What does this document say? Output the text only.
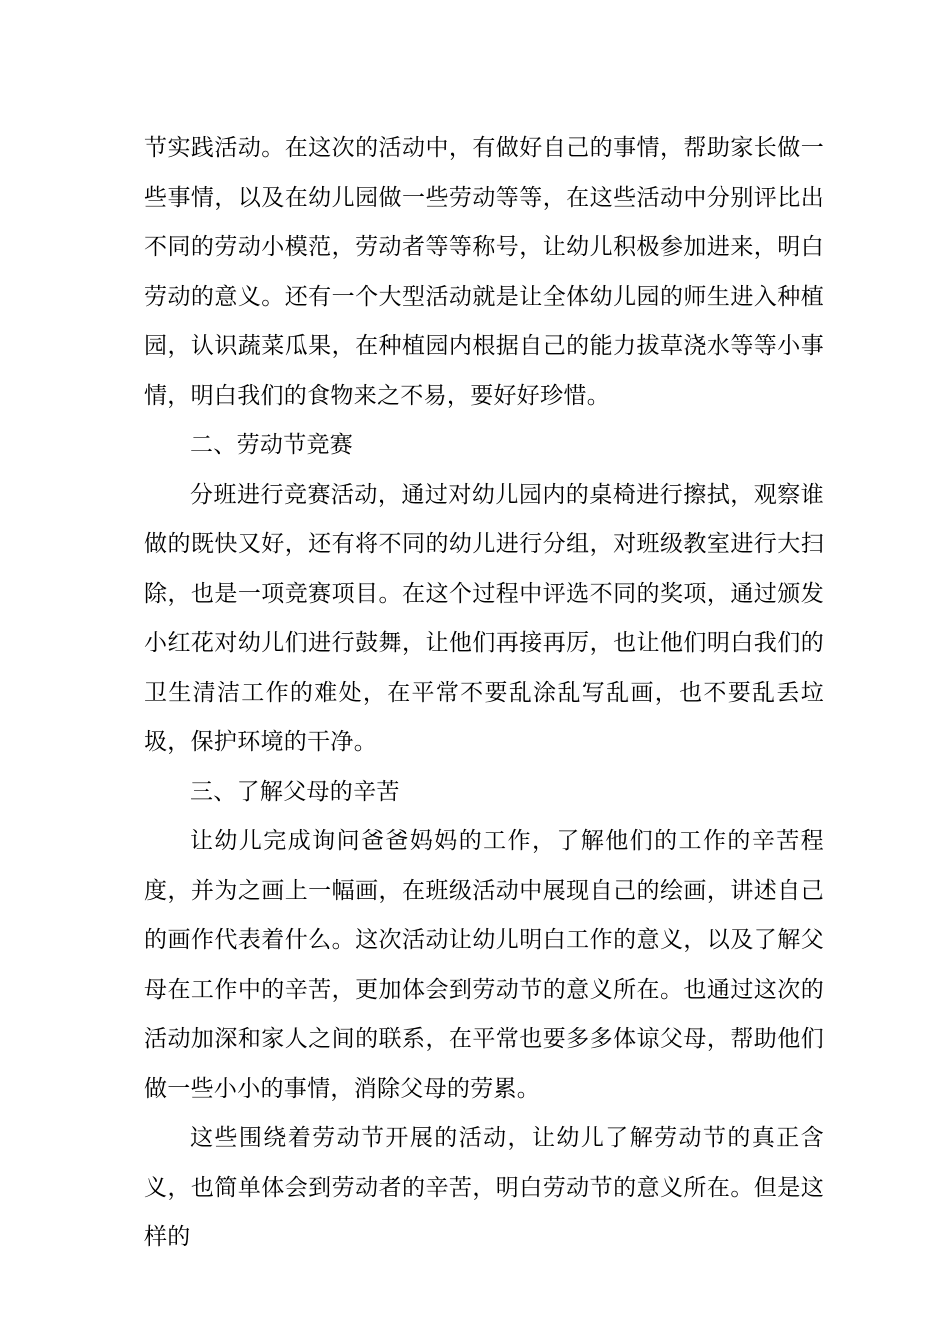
节实践活动。在这次的活动中，有做好自己的事情，帮助家长做一些事情，以及在幼儿园做一些劳动等等，在这些活动中分别评比出不同的劳动小模范，劳动者等等称号，让幼儿积极参加进来，明白劳动的意义。还有一个大型活动就是让全体幼儿园的师生进入种植园，认识蔬菜瓜果，在种植园内根据自己的能力拔草浇水等等小事情，明白我们的食物来之不易，要好好珍惜。

二、劳动节竞赛

分班进行竞赛活动，通过对幼儿园内的桌椅进行擦拭，观察谁做的既快又好，还有将不同的幼儿进行分组，对班级教室进行大扫除，也是一项竞赛项目。在这个过程中评选不同的奖项，通过颁发小红花对幼儿们进行鼓舞，让他们再接再厉，也让他们明白我们的卫生清洁工作的难处，在平常不要乱涂乱写乱画，也不要乱丢垃圾，保护环境的干净。

三、了解父母的辛苦

让幼儿完成询问爸爸妈妈的工作，了解他们的工作的辛苦程度，并为之画上一幅画，在班级活动中展现自己的绘画，讲述自己的画作代表着什么。这次活动让幼儿明白工作的意义，以及了解父母在工作中的辛苦，更加体会到劳动节的意义所在。也通过这次的活动加深和家人之间的联系，在平常也要多多体谅父母，帮助他们做一些小小的事情，消除父母的劳累。

这些围绕着劳动节开展的活动，让幼儿了解劳动节的真正含义，也简单体会到劳动者的辛苦，明白劳动节的意义所在。但是这样的
